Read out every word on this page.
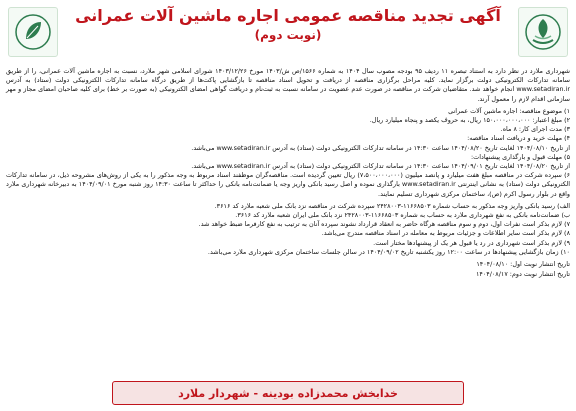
آگهی تجدید مناقصه عمومی اجاره ماشین آلات عمرانی
(نوبت دوم)

شهرداری ملارد در نظر دارد به استناد تبصره ۱۱ ردیف ۹۵ بودجه مصوب سال ۱۴۰۴ به شماره ۱۵۶۶/ص ش/۱۴۰۳ مورخ ۱۴۰۳/۱۲/۲۶ شورای اسلامی شهر ملارد، نسبت به اجاره ماشین آلات عمرانی، را از طریق سامانه تدارکات الکترونیکی دولت برگزار نماید. کلیه مراحل برگزاری مناقصه از دریافت و تحویل اسناد مناقصه تا بازگشایی پاکت‌ها از طریق درگاه سامانه تدارکات الکترونیکی دولت (ستاد) به آدرس www.setadiran.ir انجام خواهد شد. متقاضیان شرکت در مناقصه در صورت عدم عضویت در سامانه نسبت به ثبت‌نام و دریافت گواهی امضای الکترونیکی (به صورت بر خط) برای کلیه صاحبان امضای مجاز و مهر سازمانی اقدام لازم را معمول آرند.

۱) موضوع مناقصه: اجاره ماشین آلات عمرانی

۲) مبلغ اعتبار: ۱۵۰،۰۰۰،۰۰۰،۰۰۰ ریال، به حروف یکصد و پنجاه میلیارد ریال.

۳) مدت اجرای کار: ۸ ماه.

۴) مهلت خرید و دریافت اسناد مناقصه:

از تاریخ ۱۴۰۴/۰۸/۱۰ لغایت تاریخ ۱۴۰۴/۰۸/۲۰ ساعت ۱۴:۳۰ در سامانه تدارکات الکترونیکی دولت (ستاد) به آدرس www.setadiran.ir می‌باشد.

۵) مهلت قبول و بارگذاری پیشنهادات:

از تاریخ ۱۴۰۴/۰۸/۲۰ لغایت تاریخ ۱۴۰۴/۰۹/۰۱ ساعت ۱۴:۳۰ در سامانه تدارکات الکترونیکی دولت (ستاد) به آدرس www.setadiran.ir می‌باشد.

۶) سپرده شرکت در مناقصه مبلغ هفت میلیارد و پانصد میلیون (۷،۵۰۰،۰۰۰،۰۰۰) ریال تعیین گردیده است. مناقصه‌گران موظفند اسناد مربوط به وجه مذکور را به یکی از روش‌های مشروحه ذیل، در سامانه تدارکات الکترونیکی دولت (ستاد) به نشانی اینترنتی www.setadiran.ir بارگذاری نموده و اصل رسید بانکی واریز وجه یا ضمانت‌نامه بانکی را حداکثر تا ساعت ۱۴:۳۰ روز شنبه مورخ ۱۴۰۴/۰۹/۰۱ به دبیرخانه شهرداری ملارد واقع در بلوار رسول اکرم (ص)، ساختمان مرکزی شهرداری تسلیم نمایند.

الف) رسید بانکی واریز وجه مذکور به حساب شماره ۱۱۶۶۸۵۰۳-۲۴۲۸۰۰۳ سپرده شرکت در مناقصه نزد بانک ملی شعبه ملارد کد ۳۶۱۶.

ب) ضمانت‌نامه بانکی به نفع شهرداری ملارد به حساب به شماره ۱۱۶۶۸۵۰۳-۲۴۲۸۰۰۳ نزد بانک ملی ایران شعبه ملارد کد ۳۶۱۶.

۷) لازم بذکر است نفرات اول، دوم و سوم مناقصه هرگاه حاضر به انعقاد قرارداد نشوند سپرده آنان به ترتیب به نفع کارفرما ضبط خواهد شد.

۸) لازم بذکر است سایر اطلاعات و جزئیات مربوط به معامله در اسناد مناقصه مندرج می‌باشد.

۹) لازم بذکر است شهرداری در رد یا قبول هر یک از پیشنهادها مختار است.

۱۰) زمان بازگشایی پیشنهادها در ساعت ۱۲:۰۰ روز یکشنبه تاریخ ۱۴۰۴/۰۹/۰۲ در سالن جلسات ساختمان مرکزی شهرداری ملارد می‌باشد.

تاریخ انتشار نوبت اول: ۱۴۰۴/۰۸/۱۰
تاریخ انتشار نوبت دوم: ۱۴۰۴/۰۸/۱۷
خدابخش محمدزاده بودینه - شهردار ملارد
